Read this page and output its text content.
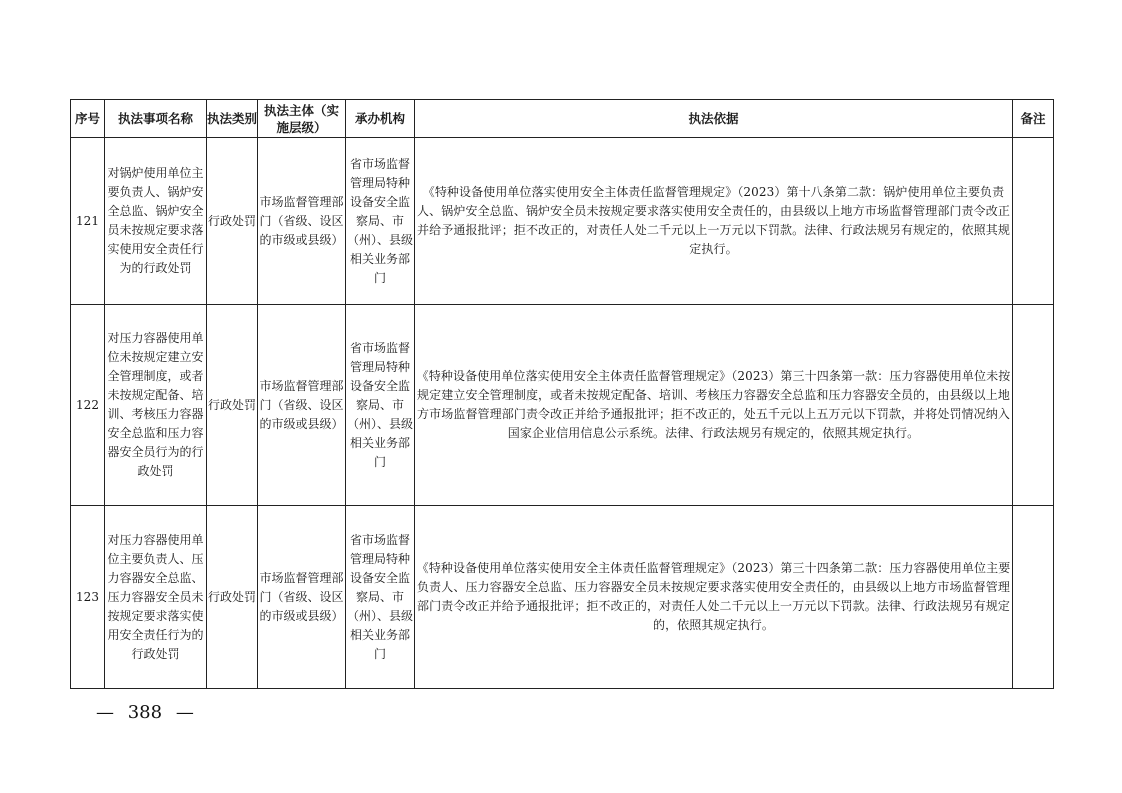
序号	执法事项名称	执法类别	执法主体（实施层级）	承办机构	执法依据	备注
121	对锅炉使用单位主要负责人、锅炉安全总监、锅炉安全员未按规定要求落实使用安全责任行为的行政处罚	行政处罚	市场监督管理部门（省级、设区的市级或县级）	省市场监督管理局特种设备安全监察局、市（州）、县级相关业务部门	《特种设备使用单位落实使用安全主体责任监督管理规定》（2023）第十八条第二款：锅炉使用单位主要负责人、锅炉安全总监、锅炉安全员未按规定要求落实使用安全责任的，由县级以上地方市场监督管理部门责令改正并给予通报批评；拒不改正的，对责任人处二千元以上一万元以下罚款。法律、行政法规另有规定的，依照其规定执行。	
122	对压力容器使用单位未按规定建立安全管理制度，或者未按规定配备、培训、考核压力容器安全总监和压力容器安全员行为的行政处罚	行政处罚	市场监督管理部门（省级、设区的市级或县级）	省市场监督管理局特种设备安全监察局、市（州）、县级相关业务部门	《特种设备使用单位落实使用安全主体责任监督管理规定》（2023）第三十四条第一款：压力容器使用单位未按规定建立安全管理制度，或者未按规定配备、培训、考核压力容器安全总监和压力容器安全员的，由县级以上地方市场监督管理部门责令改正并给予通报批评；拒不改正的，处五千元以上五万元以下罚款，并将处罚情况纳入国家企业信用信息公示系统。法律、行政法规另有规定的，依照其规定执行。	
123	对压力容器使用单位主要负责人、压力容器安全总监、压力容器安全员未按规定要求落实使用安全责任行为的行政处罚	行政处罚	市场监督管理部门（省级、设区的市级或县级）	省市场监督管理局特种设备安全监察局、市（州）、县级相关业务部门	《特种设备使用单位落实使用安全主体责任监督管理规定》（2023）第三十四条第二款：压力容器使用单位主要负责人、压力容器安全总监、压力容器安全员未按规定要求落实使用安全责任的，由县级以上地方市场监督管理部门责令改正并给予通报批评；拒不改正的，对责任人处二千元以上一万元以下罚款。法律、行政法规另有规定的，依照其规定执行。	
— 388 —
